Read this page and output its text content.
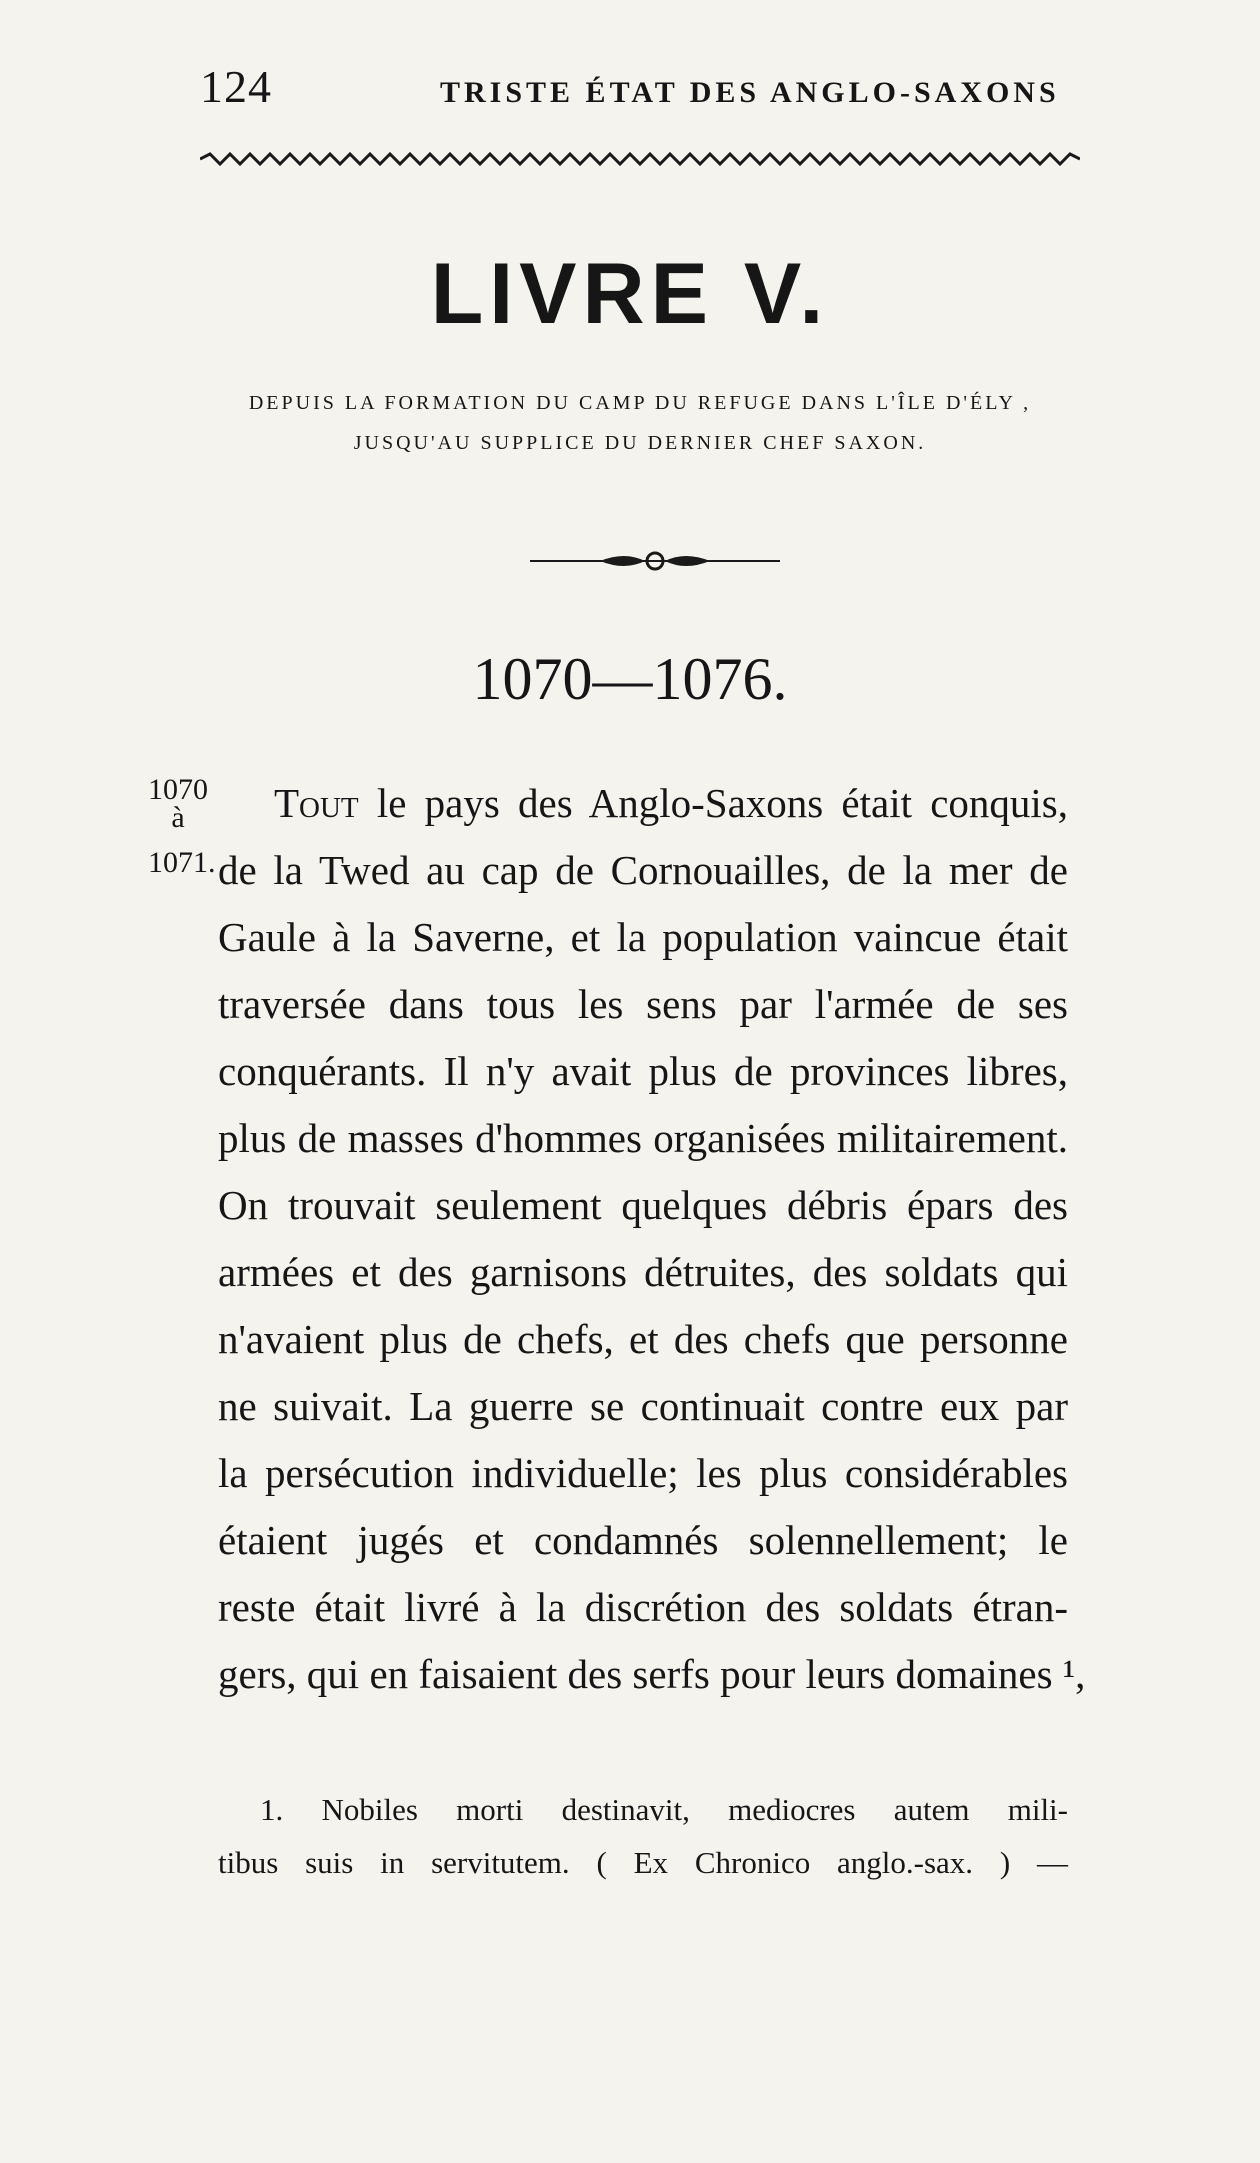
124	TRISTE ÉTAT DES ANGLO-SAXONS
LIVRE V.
DEPUIS LA FORMATION DU CAMP DU REFUGE DANS L'ÎLE D'ÉLY ,
JUSQU'AU SUPPLICE DU DERNIER CHEF SAXON.
1070—1076.
1070
à
1071.
Tout le pays des Anglo-Saxons était conquis,
de la Twed au cap de Cornouailles, de la mer de
Gaule à la Saverne, et la population vaincue était
traversée dans tous les sens par l'armée de ses
conquérants. Il n'y avait plus de provinces libres,
plus de masses d'hommes organisées militairement.
On trouvait seulement quelques débris épars des
armées et des garnisons détruites, des soldats qui
n'avaient plus de chefs, et des chefs que personne
ne suivait. La guerre se continuait contre eux par
la persécution individuelle; les plus considérables
étaient jugés et condamnés solennellement; le
reste était livré à la discrétion des soldats étran-
gers, qui en faisaient des serfs pour leurs domaines ¹,
1. Nobiles morti destinavit, mediocres autem mili-
tibus suis in servitutem. ( Ex Chronico anglo.-sax. ) —
